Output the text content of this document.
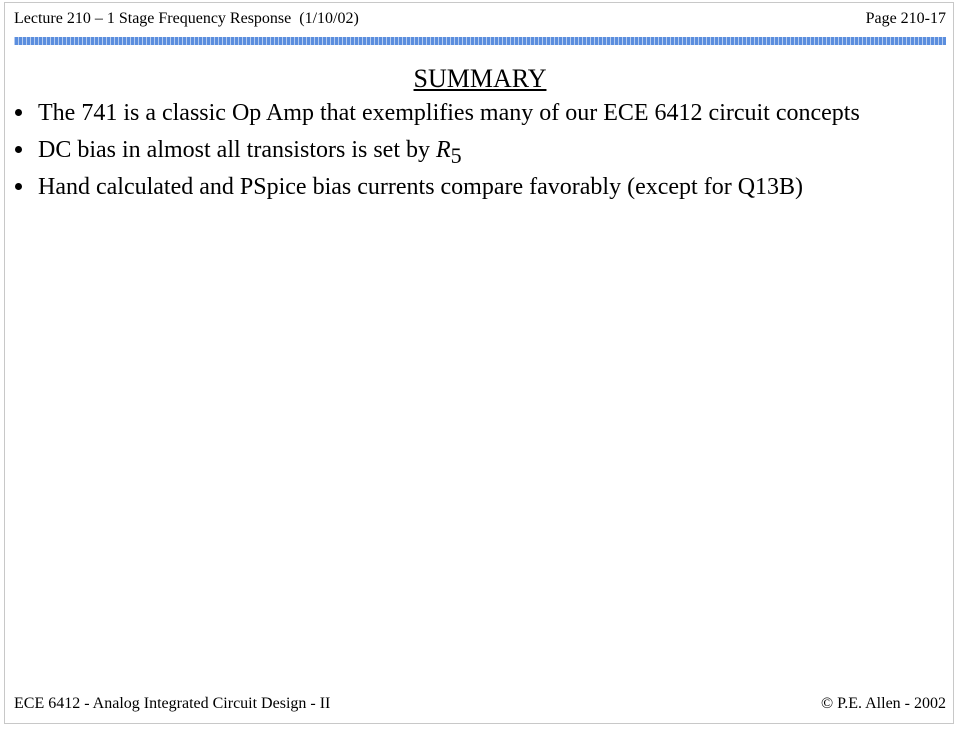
Lecture 210 – 1 Stage Frequency Response  (1/10/02)	Page 210-17
SUMMARY
The 741 is a classic Op Amp that exemplifies many of our ECE 6412 circuit concepts
DC bias in almost all transistors is set by R5
Hand calculated and PSpice bias currents compare favorably (except for Q13B)
ECE 6412 - Analog Integrated Circuit Design - II	© P.E. Allen - 2002
